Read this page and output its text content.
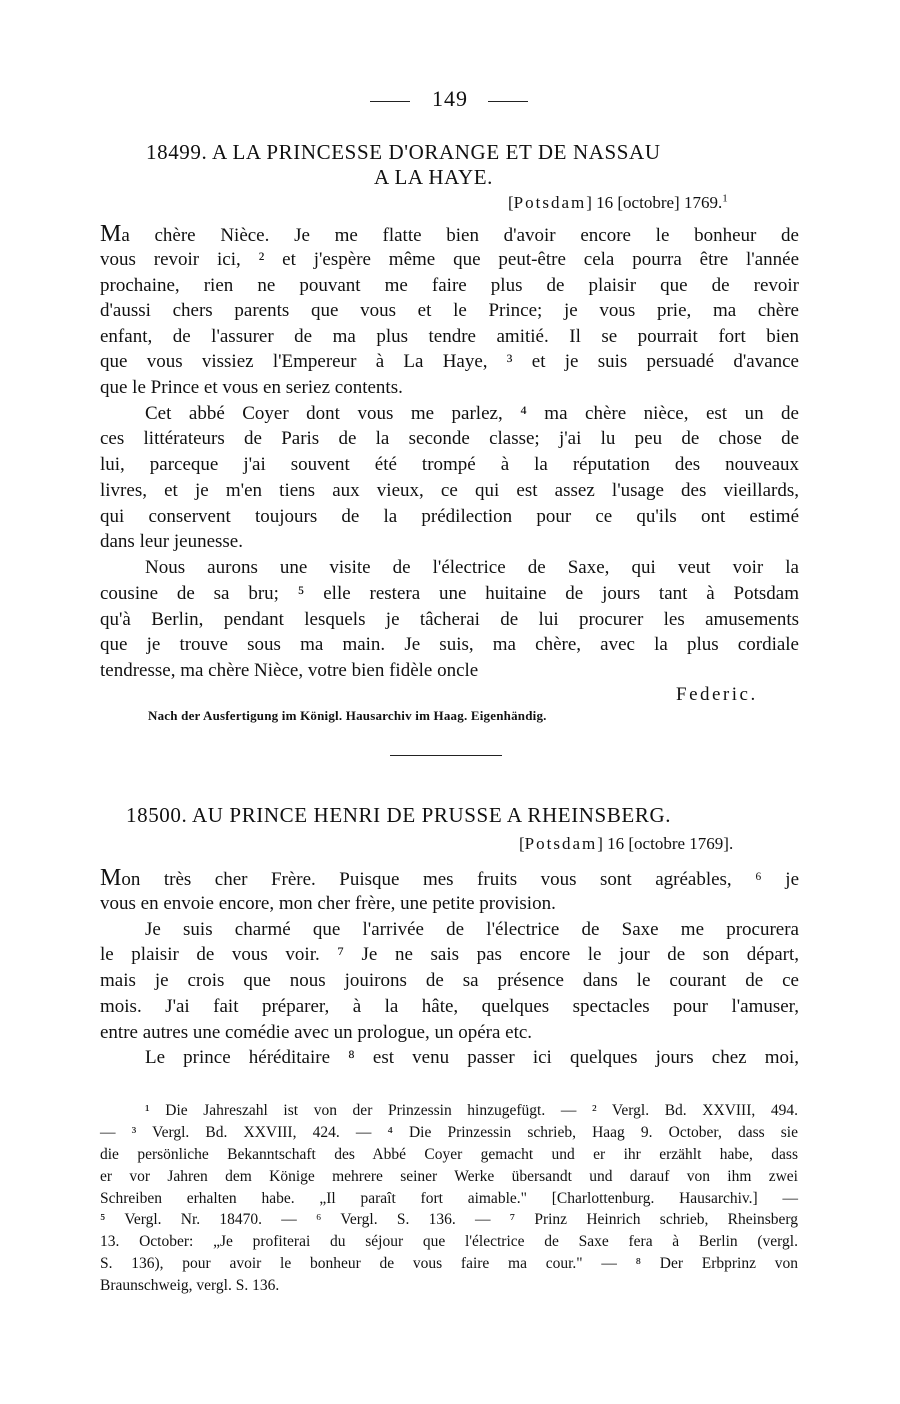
149
18499. A LA PRINCESSE D'ORANGE ET DE NASSAU
A LA HAYE.
[Potsdam] 16 [octobre] 1769.$^1$
Ma chère Nièce. Je me flatte bien d'avoir encore le bonheur de
vous revoir ici, ² et j'espère même que peut-être cela pourra être l'année
prochaine, rien ne pouvant me faire plus de plaisir que de revoir
d'aussi chers parents que vous et le Prince; je vous prie, ma chère
enfant, de l'assurer de ma plus tendre amitié. Il se pourrait fort bien
que vous vissiez l'Empereur à La Haye, ³ et je suis persuadé d'avance
que le Prince et vous en seriez contents.
Cet abbé Coyer dont vous me parlez, ⁴ ma chère nièce, est un de
ces littérateurs de Paris de la seconde classe; j'ai lu peu de chose de
lui, parceque j'ai souvent été trompé à la réputation des nouveaux
livres, et je m'en tiens aux vieux, ce qui est assez l'usage des vieillards,
qui conservent toujours de la prédilection pour ce qu'ils ont estimé
dans leur jeunesse.
Nous aurons une visite de l'électrice de Saxe, qui veut voir la
cousine de sa bru; ⁵ elle restera une huitaine de jours tant à Potsdam
qu'à Berlin, pendant lesquels je tâcherai de lui procurer les amusements
que je trouve sous ma main. Je suis, ma chère, avec la plus cordiale
tendresse, ma chère Nièce, votre bien fidèle oncle
Federic.
Nach der Ausfertigung im Königl. Hausarchiv im Haag. Eigenhändig.
18500. AU PRINCE HENRI DE PRUSSE A RHEINSBERG.
[Potsdam] 16 [octobre 1769].
Mon très cher Frère. Puisque mes fruits vous sont agréables, ⁶ je
vous en envoie encore, mon cher frère, une petite provision.
Je suis charmé que l'arrivée de l'électrice de Saxe me procurera
le plaisir de vous voir. ⁷ Je ne sais pas encore le jour de son départ,
mais je crois que nous jouirons de sa présence dans le courant de ce
mois. J'ai fait préparer, à la hâte, quelques spectacles pour l'amuser,
entre autres une comédie avec un prologue, un opéra etc.
Le prince héréditaire ⁸ est venu passer ici quelques jours chez moi,
¹ Die Jahreszahl ist von der Prinzessin hinzugefügt. — ² Vergl. Bd. XXVIII, 494.
— ³ Vergl. Bd. XXVIII, 424. — ⁴ Die Prinzessin schrieb, Haag 9. October, dass sie
die persönliche Bekanntschaft des Abbé Coyer gemacht und er ihr erzählt habe, dass
er vor Jahren dem Könige mehrere seiner Werke übersandt und darauf von ihm zwei
Schreiben erhalten habe. „Il paraît fort aimable." [Charlottenburg. Hausarchiv.] —
⁵ Vergl. Nr. 18470. — ⁶ Vergl. S. 136. — ⁷ Prinz Heinrich schrieb, Rheinsberg
13. October: „Je profiterai du séjour que l'électrice de Saxe fera à Berlin (vergl.
S. 136), pour avoir le bonheur de vous faire ma cour." — ⁸ Der Erbprinz von
Braunschweig, vergl. S. 136.
